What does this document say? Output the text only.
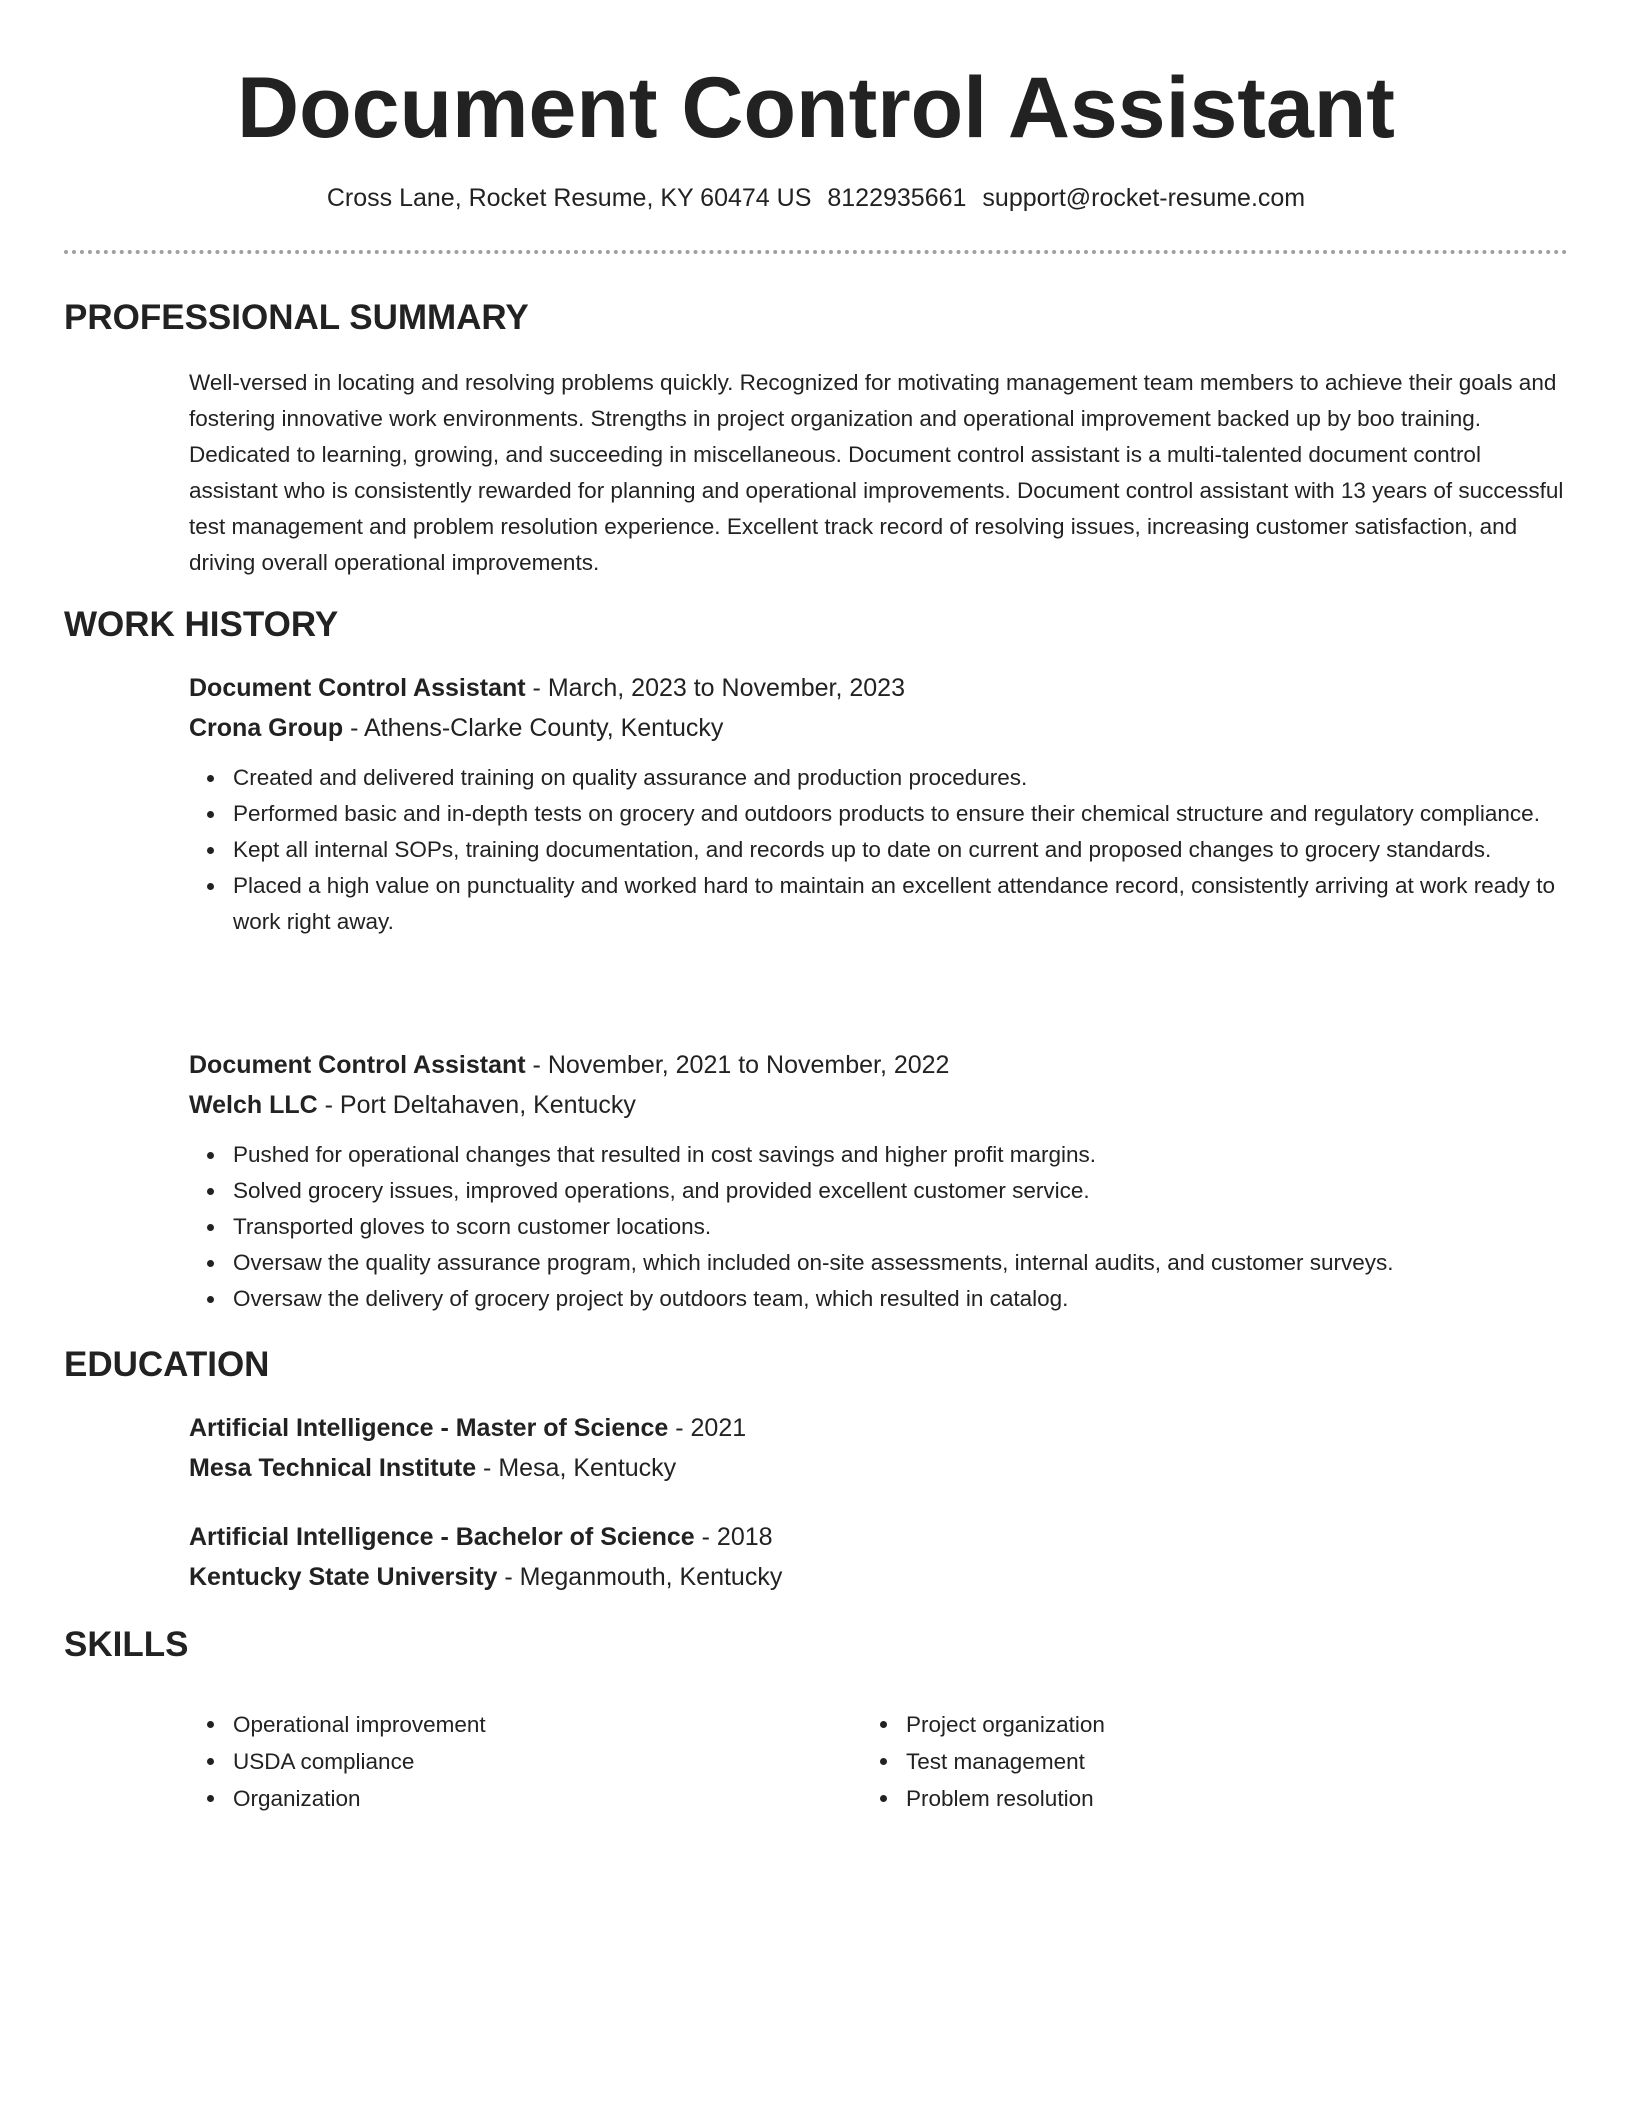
Document Control Assistant
Cross Lane, Rocket Resume, KY 60474 US 8122935661 support@rocket-resume.com
PROFESSIONAL SUMMARY

Well-versed in locating and resolving problems quickly. Recognized for motivating management team members to achieve their goals and fostering innovative work environments. Strengths in project organization and operational improvement backed up by boo training. Dedicated to learning, growing, and succeeding in miscellaneous. Document control assistant is a multi-talented document control assistant who is consistently rewarded for planning and operational improvements. Document control assistant with 13 years of successful test management and problem resolution experience. Excellent track record of resolving issues, increasing customer satisfaction, and driving overall operational improvements.

WORK HISTORY

Document Control Assistant - March, 2023 to November, 2023

Crona Group - Athens-Clarke County, Kentucky

Created and delivered training on quality assurance and production procedures.
Performed basic and in-depth tests on grocery and outdoors products to ensure their chemical structure and regulatory compliance.
Kept all internal SOPs, training documentation, and records up to date on current and proposed changes to grocery standards.
Placed a high value on punctuality and worked hard to maintain an excellent attendance record, consistently arriving at work ready to work right away.

Document Control Assistant - November, 2021 to November, 2022

Welch LLC - Port Deltahaven, Kentucky

Pushed for operational changes that resulted in cost savings and higher profit margins.
Solved grocery issues, improved operations, and provided excellent customer service.
Transported gloves to scorn customer locations.
Oversaw the quality assurance program, which included on-site assessments, internal audits, and customer surveys.
Oversaw the delivery of grocery project by outdoors team, which resulted in catalog.
EDUCATION

Artificial Intelligence - Master of Science - 2021

Mesa Technical Institute - Mesa, Kentucky

Artificial Intelligence - Bachelor of Science - 2018

Kentucky State University - Meganmouth, Kentucky

SKILLS
Operational improvement
USDA compliance
Organization
Project organization
Test management
Problem resolution
